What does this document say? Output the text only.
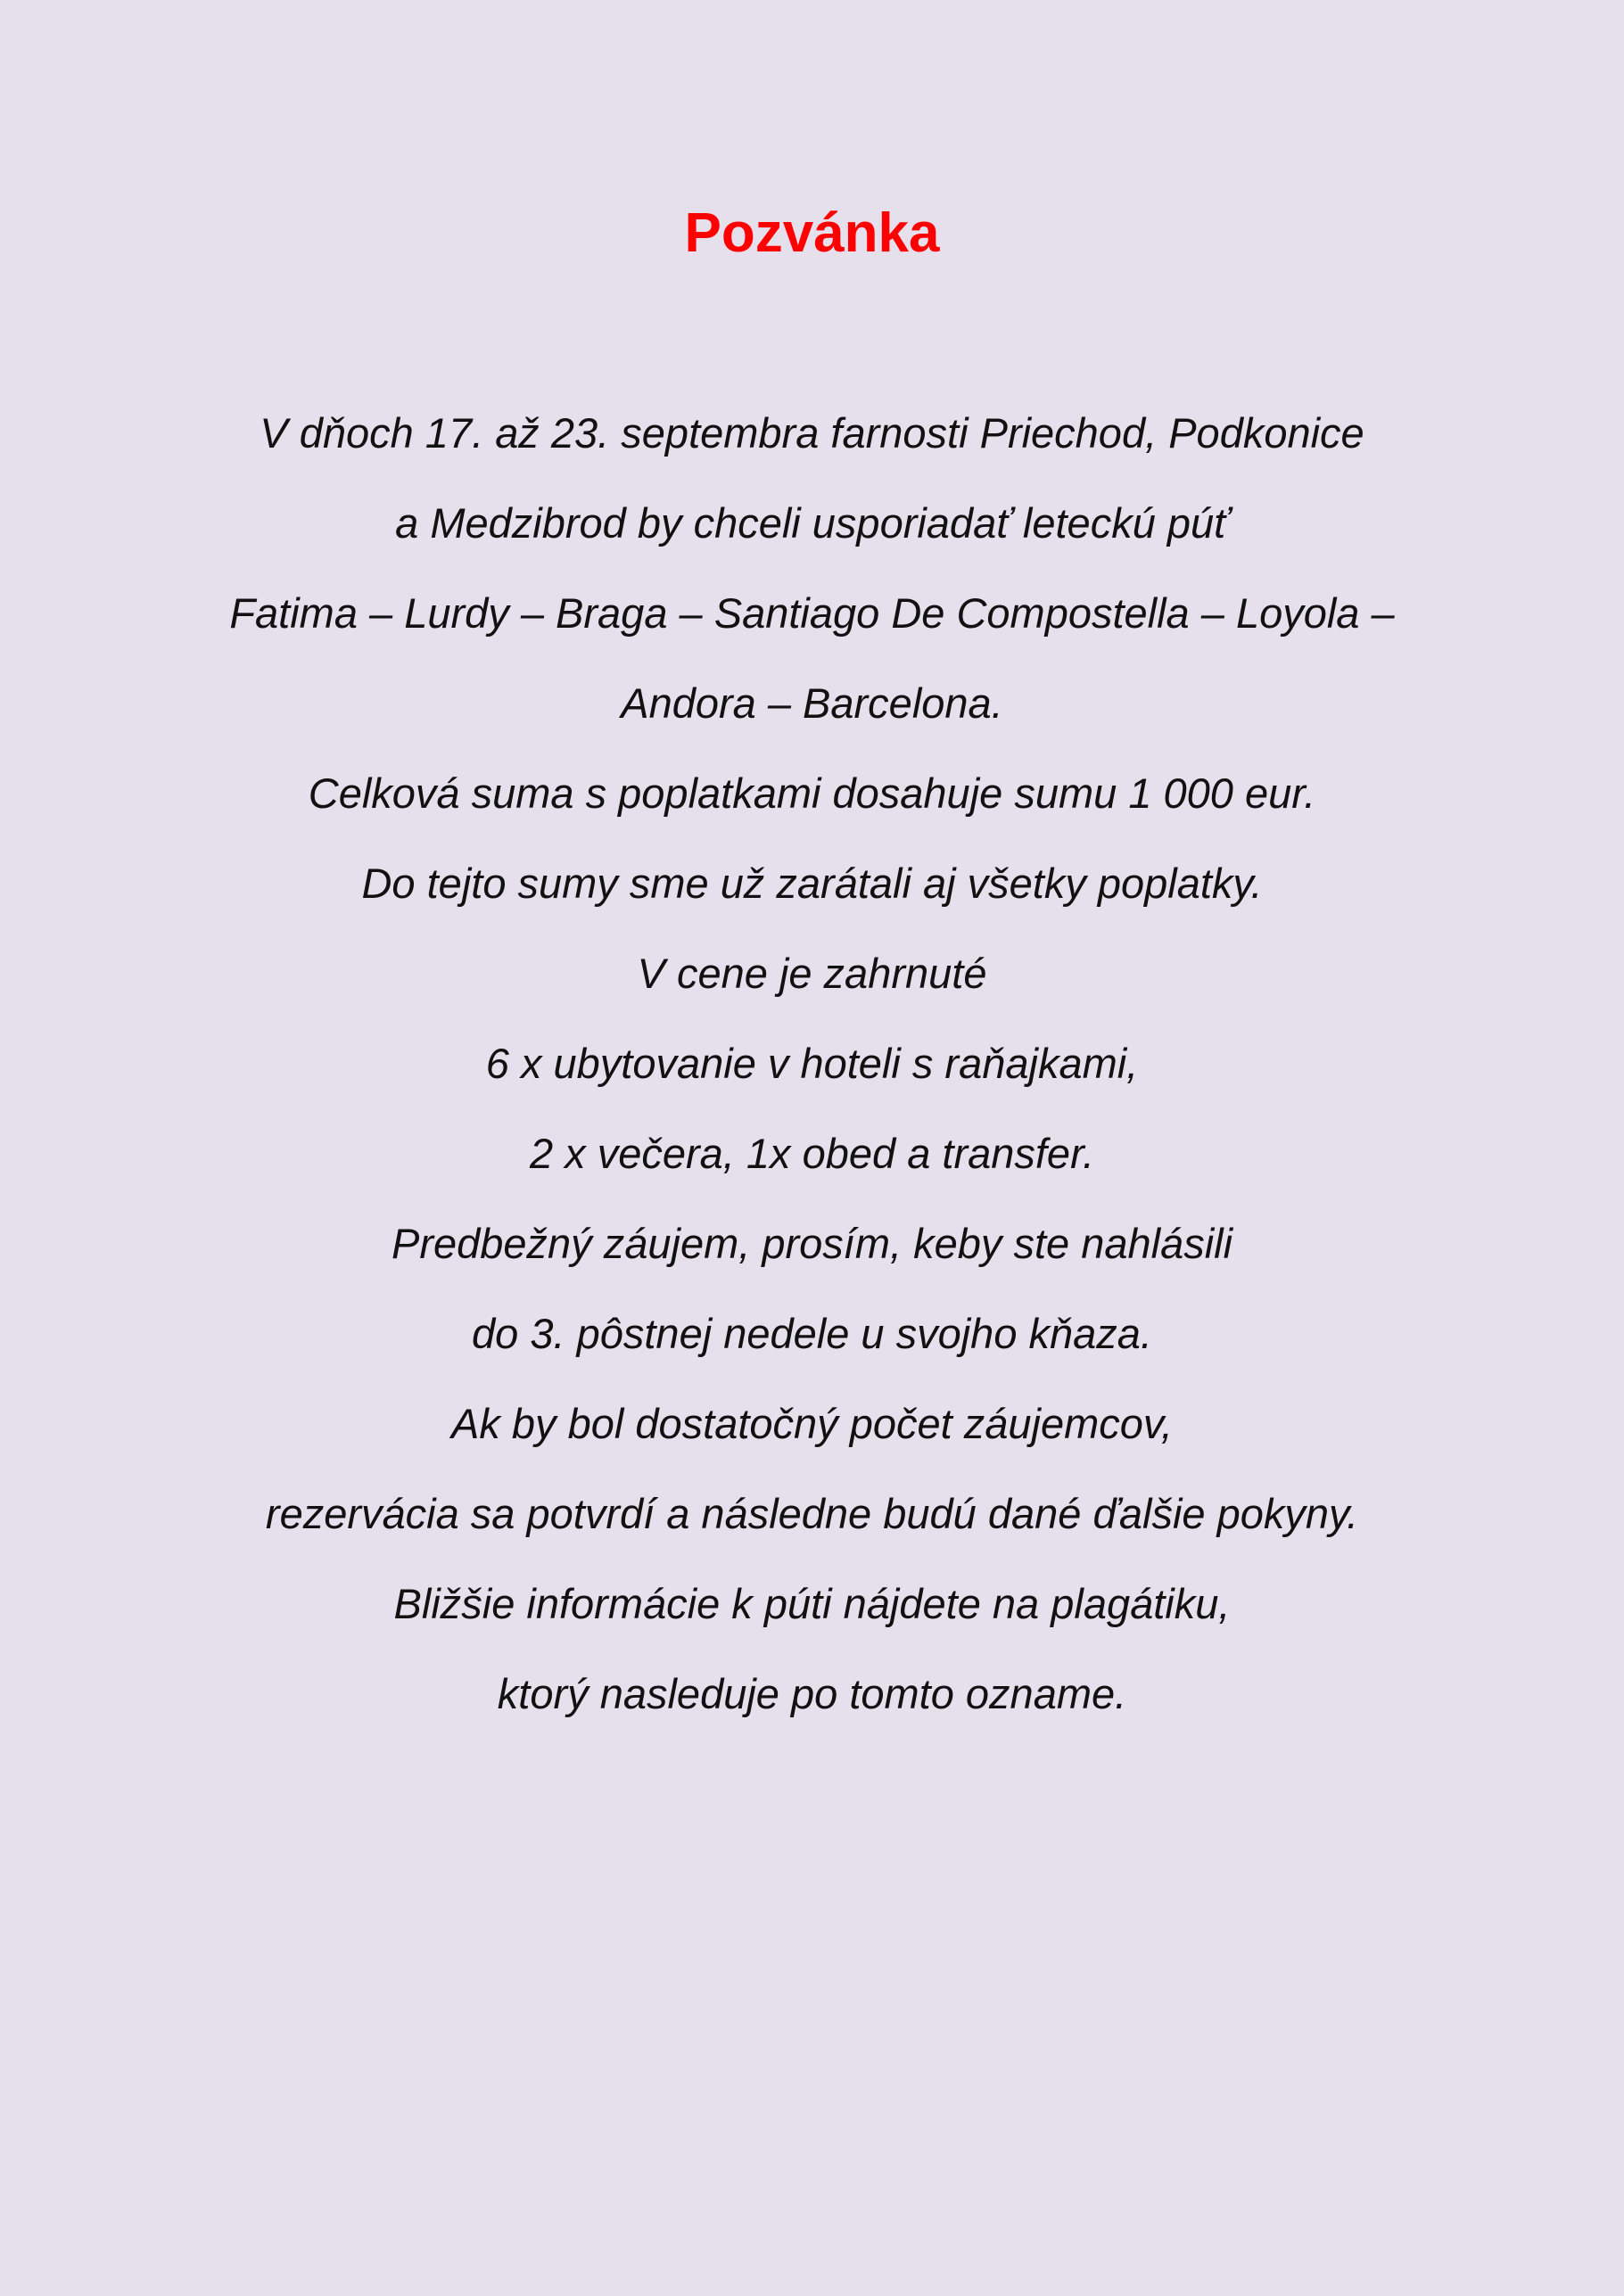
Pozvánka
V dňoch 17. až 23. septembra farnosti Priechod, Podkonice
a Medzibrod by chceli usporiadať leteckú púť
Fatima – Lurdy – Braga – Santiago De Compostella – Loyola –
Andora – Barcelona.
Celková suma s poplatkami dosahuje sumu 1 000 eur.
Do tejto sumy sme už zarátali aj všetky poplatky.
V cene je zahrnuté
6 x ubytovanie v hoteli s raňajkami,
2 x večera, 1x obed a transfer.
Predbežný záujem, prosím, keby ste nahlásili
do 3. pôstnej nedele u svojho kňaza.
Ak by bol dostatočný počet záujemcov,
rezervácia sa potvrdí a následne budú dané ďalšie pokyny.
Bližšie informácie k púti nájdete na plagátiku,
ktorý nasleduje po tomto ozname.
